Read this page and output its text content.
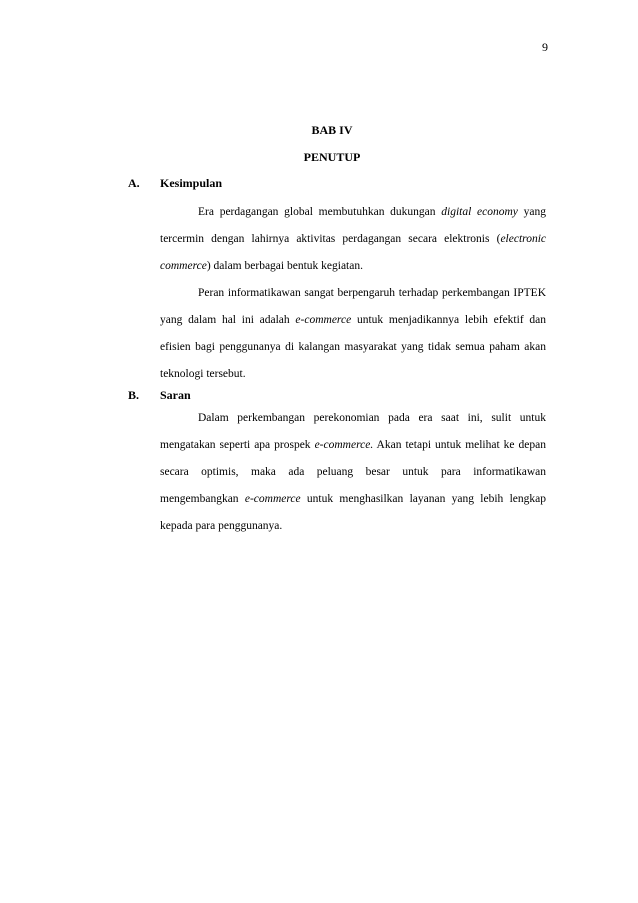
9
BAB IV
PENUTUP
A. Kesimpulan

Era perdagangan global membutuhkan dukungan digital economy yang tercermin dengan lahirnya aktivitas perdagangan secara elektronis (electronic commerce) dalam berbagai bentuk kegiatan.

Peran informatikawan sangat berpengaruh terhadap perkembangan IPTEK yang dalam hal ini adalah e-commerce untuk menjadikannya lebih efektif dan efisien bagi penggunanya di kalangan masyarakat yang tidak semua paham akan teknologi tersebut.

B. Saran

Dalam perkembangan perekonomian pada era saat ini, sulit untuk mengatakan seperti apa prospek e-commerce. Akan tetapi untuk melihat ke depan secara optimis, maka ada peluang besar untuk para informatikawan mengembangkan e-commerce untuk menghasilkan layanan yang lebih lengkap kepada para penggunanya.
